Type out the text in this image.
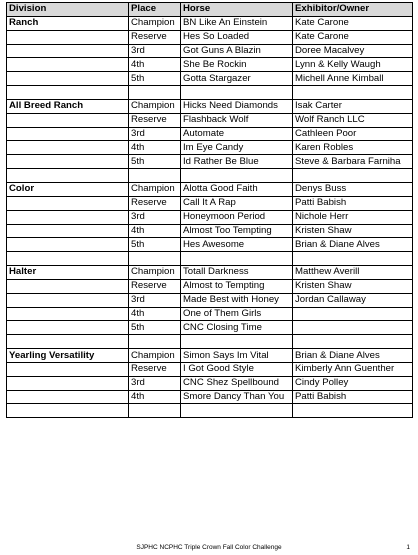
Division	Place	Horse	Exhibitor/Owner
Ranch	Champion	BN Like An Einstein	Kate Carone
	Reserve	Hes So Loaded	Kate Carone
	3rd	Got Guns A Blazin	Doree Macalvey
	4th	She Be Rockin	Lynn & Kelly Waugh
	5th	Gotta Stargazer	Michell Anne Kimball

All Breed Ranch	Champion	Hicks Need Diamonds	Isak Carter
	Reserve	Flashback Wolf	Wolf Ranch LLC
	3rd	Automate	Cathleen Poor
	4th	Im Eye Candy	Karen Robles
	5th	Id Rather Be Blue	Steve & Barbara Farniha

Color	Champion	Alotta Good Faith	Denys Buss
	Reserve	Call It A Rap	Patti Babish
	3rd	Honeymoon Period	Nichole Herr
	4th	Almost Too Tempting	Kristen Shaw
	5th	Hes Awesome	Brian & Diane Alves

Halter	Champion	Totall Darkness	Matthew Averill
	Reserve	Almost to Tempting	Kristen Shaw
	3rd	Made Best with Honey	Jordan Callaway
	4th	One of Them Girls	
	5th	CNC Closing Time	

Yearling Versatility	Champion	Simon Says Im Vital	Brian & Diane Alves
	Reserve	I Got Good Style	Kimberly Ann Guenther
	3rd	CNC Shez Spellbound	Cindy Polley
	4th	Smore Dancy Than You	Patti Babish

SJPHC NCPHC Triple Crown Fall Color Challenge	1
